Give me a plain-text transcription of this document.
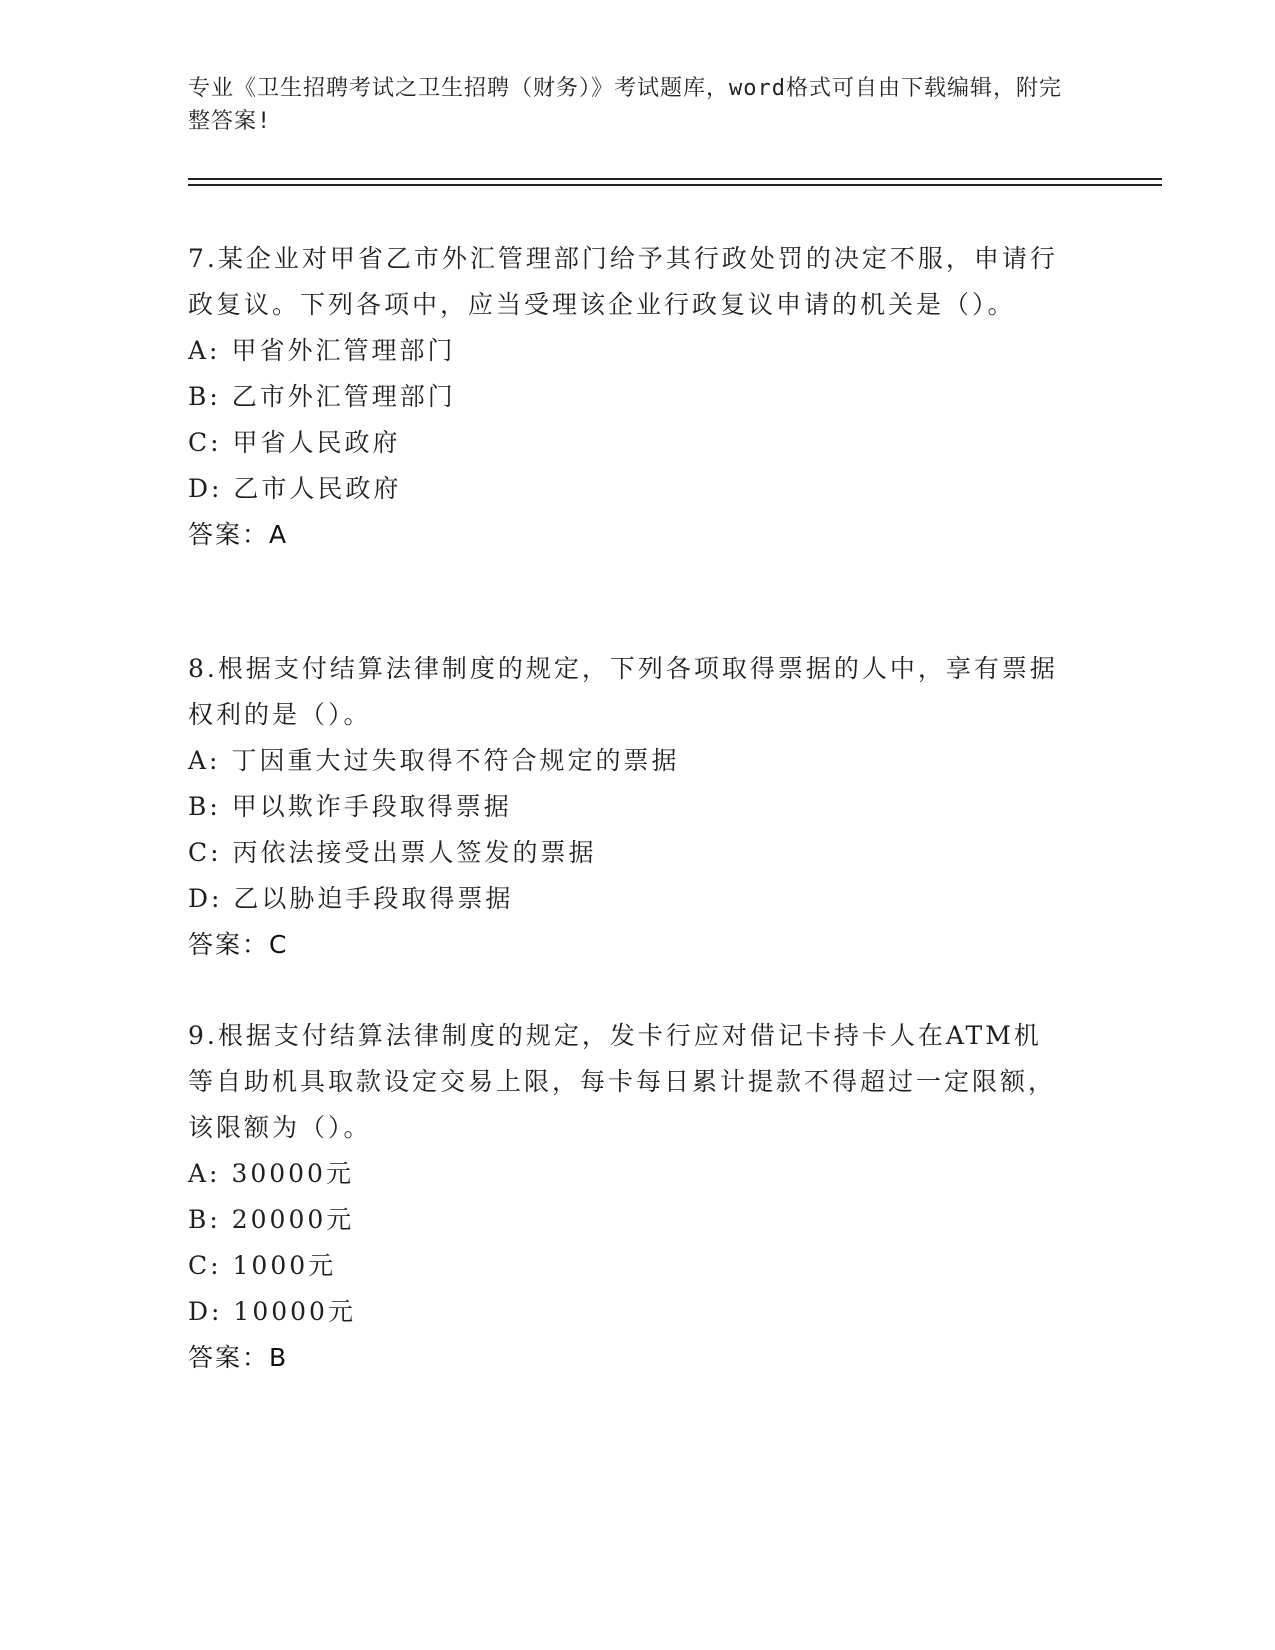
专业《卫生招聘考试之卫生招聘（财务）》考试题库，word格式可自由下载编辑，附完整答案!

7.某企业对甲省乙市外汇管理部门给予其行政处罚的决定不服，申请行政复议。下列各项中，应当受理该企业行政复议申请的机关是（）。

A: 甲省外汇管理部门

B: 乙市外汇管理部门

C: 甲省人民政府

D: 乙市人民政府

答案：A

8.根据支付结算法律制度的规定，下列各项取得票据的人中，享有票据权利的是（）。

A: 丁因重大过失取得不符合规定的票据

B: 甲以欺诈手段取得票据

C: 丙依法接受出票人签发的票据

D: 乙以胁迫手段取得票据

答案：C

9.根据支付结算法律制度的规定，发卡行应对借记卡持卡人在ATM机等自助机具取款设定交易上限，每卡每日累计提款不得超过一定限额，该限额为（）。

A: 30000元

B: 20000元

C: 1000元

D: 10000元

答案：B
